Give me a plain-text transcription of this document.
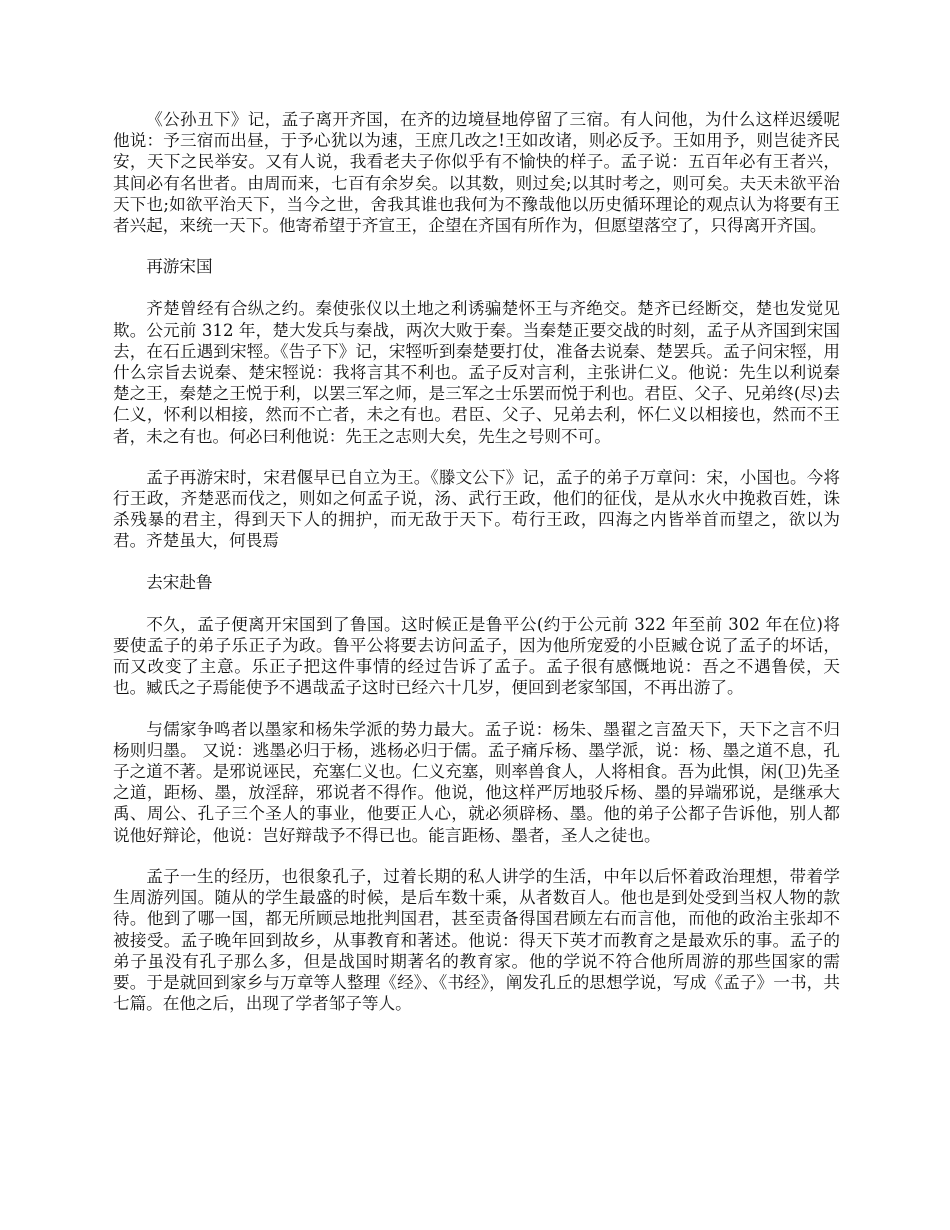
《公孙丑下》记，孟子离开齐国，在齐的边境昼地停留了三宿。有人问他，为什么这样迟缓呢他说：予三宿而出昼，于予心犹以为速，王庶几改之!王如改诸，则必反予。王如用予，则岂徒齐民安，天下之民举安。又有人说，我看老夫子你似乎有不愉快的样子。孟子说：五百年必有王者兴，其间必有名世者。由周而来，七百有余岁矣。以其数，则过矣;以其时考之，则可矣。夫天未欲平治天下也;如欲平治天下，当今之世，舍我其谁也我何为不豫哉他以历史循环理论的观点认为将要有王者兴起，来统一天下。他寄希望于齐宣王，企望在齐国有所作为，但愿望落空了，只得离开齐国。

再游宋国

齐楚曾经有合纵之约。秦使张仪以土地之利诱骗楚怀王与齐绝交。楚齐已经断交，楚也发觉见欺。公元前 312 年，楚大发兵与秦战，两次大败于秦。当秦楚正要交战的时刻，孟子从齐国到宋国去，在石丘遇到宋牼。《告子下》记，宋牼听到秦楚要打仗，准备去说秦、楚罢兵。孟子问宋牼，用什么宗旨去说秦、楚宋牼说：我将言其不利也。孟子反对言利，主张讲仁义。他说：先生以利说秦楚之王，秦楚之王悦于利，以罢三军之师，是三军之士乐罢而悦于利也。君臣、父子、兄弟终(尽)去仁义，怀利以相接，然而不亡者，未之有也。君臣、父子、兄弟去利，怀仁义以相接也，然而不王者，未之有也。何必曰利他说：先王之志则大矣，先生之号则不可。

孟子再游宋时，宋君偃早已自立为王。《滕文公下》记，孟子的弟子万章问：宋，小国也。今将行王政，齐楚恶而伐之，则如之何孟子说，汤、武行王政，他们的征伐，是从水火中挽救百姓，诛杀残暴的君主，得到天下人的拥护，而无敌于天下。苟行王政，四海之内皆举首而望之，欲以为君。齐楚虽大，何畏焉

去宋赴鲁

不久，孟子便离开宋国到了鲁国。这时候正是鲁平公(约于公元前 322 年至前 302 年在位)将要使孟子的弟子乐正子为政。鲁平公将要去访问孟子，因为他所宠爱的小臣臧仓说了孟子的坏话，而又改变了主意。乐正子把这件事情的经过告诉了孟子。孟子很有感慨地说：吾之不遇鲁侯，天也。臧氏之子焉能使予不遇哉孟子这时已经六十几岁，便回到老家邹国，不再出游了。

与儒家争鸣者以墨家和杨朱学派的势力最大。孟子说：杨朱、墨翟之言盈天下，天下之言不归杨则归墨。 又说：逃墨必归于杨，逃杨必归于儒。孟子痛斥杨、墨学派，说：杨、墨之道不息，孔子之道不著。是邪说诬民，充塞仁义也。仁义充塞，则率兽食人，人将相食。吾为此惧，闲(卫)先圣之道，距杨、墨，放淫辞，邪说者不得作。他说，他这样严厉地驳斥杨、墨的异端邪说，是继承大禹、周公、孔子三个圣人的事业，他要正人心，就必须辟杨、墨。他的弟子公都子告诉他，别人都说他好辩论，他说：岂好辩哉予不得已也。能言距杨、墨者，圣人之徒也。

孟子一生的经历，也很象孔子，过着长期的私人讲学的生活，中年以后怀着政治理想，带着学生周游列国。随从的学生最盛的时候，是后车数十乘，从者数百人。他也是到处受到当权人物的款待。他到了哪一国，都无所顾忌地批判国君，甚至责备得国君顾左右而言他，而他的政治主张却不被接受。孟子晚年回到故乡，从事教育和著述。他说：得天下英才而教育之是最欢乐的事。孟子的弟子虽没有孔子那么多，但是战国时期著名的教育家。他的学说不符合他所周游的那些国家的需要。于是就回到家乡与万章等人整理《经》、《书经》，阐发孔丘的思想学说，写成《孟子》一书，共七篇。在他之后，出现了学者邹子等人。
